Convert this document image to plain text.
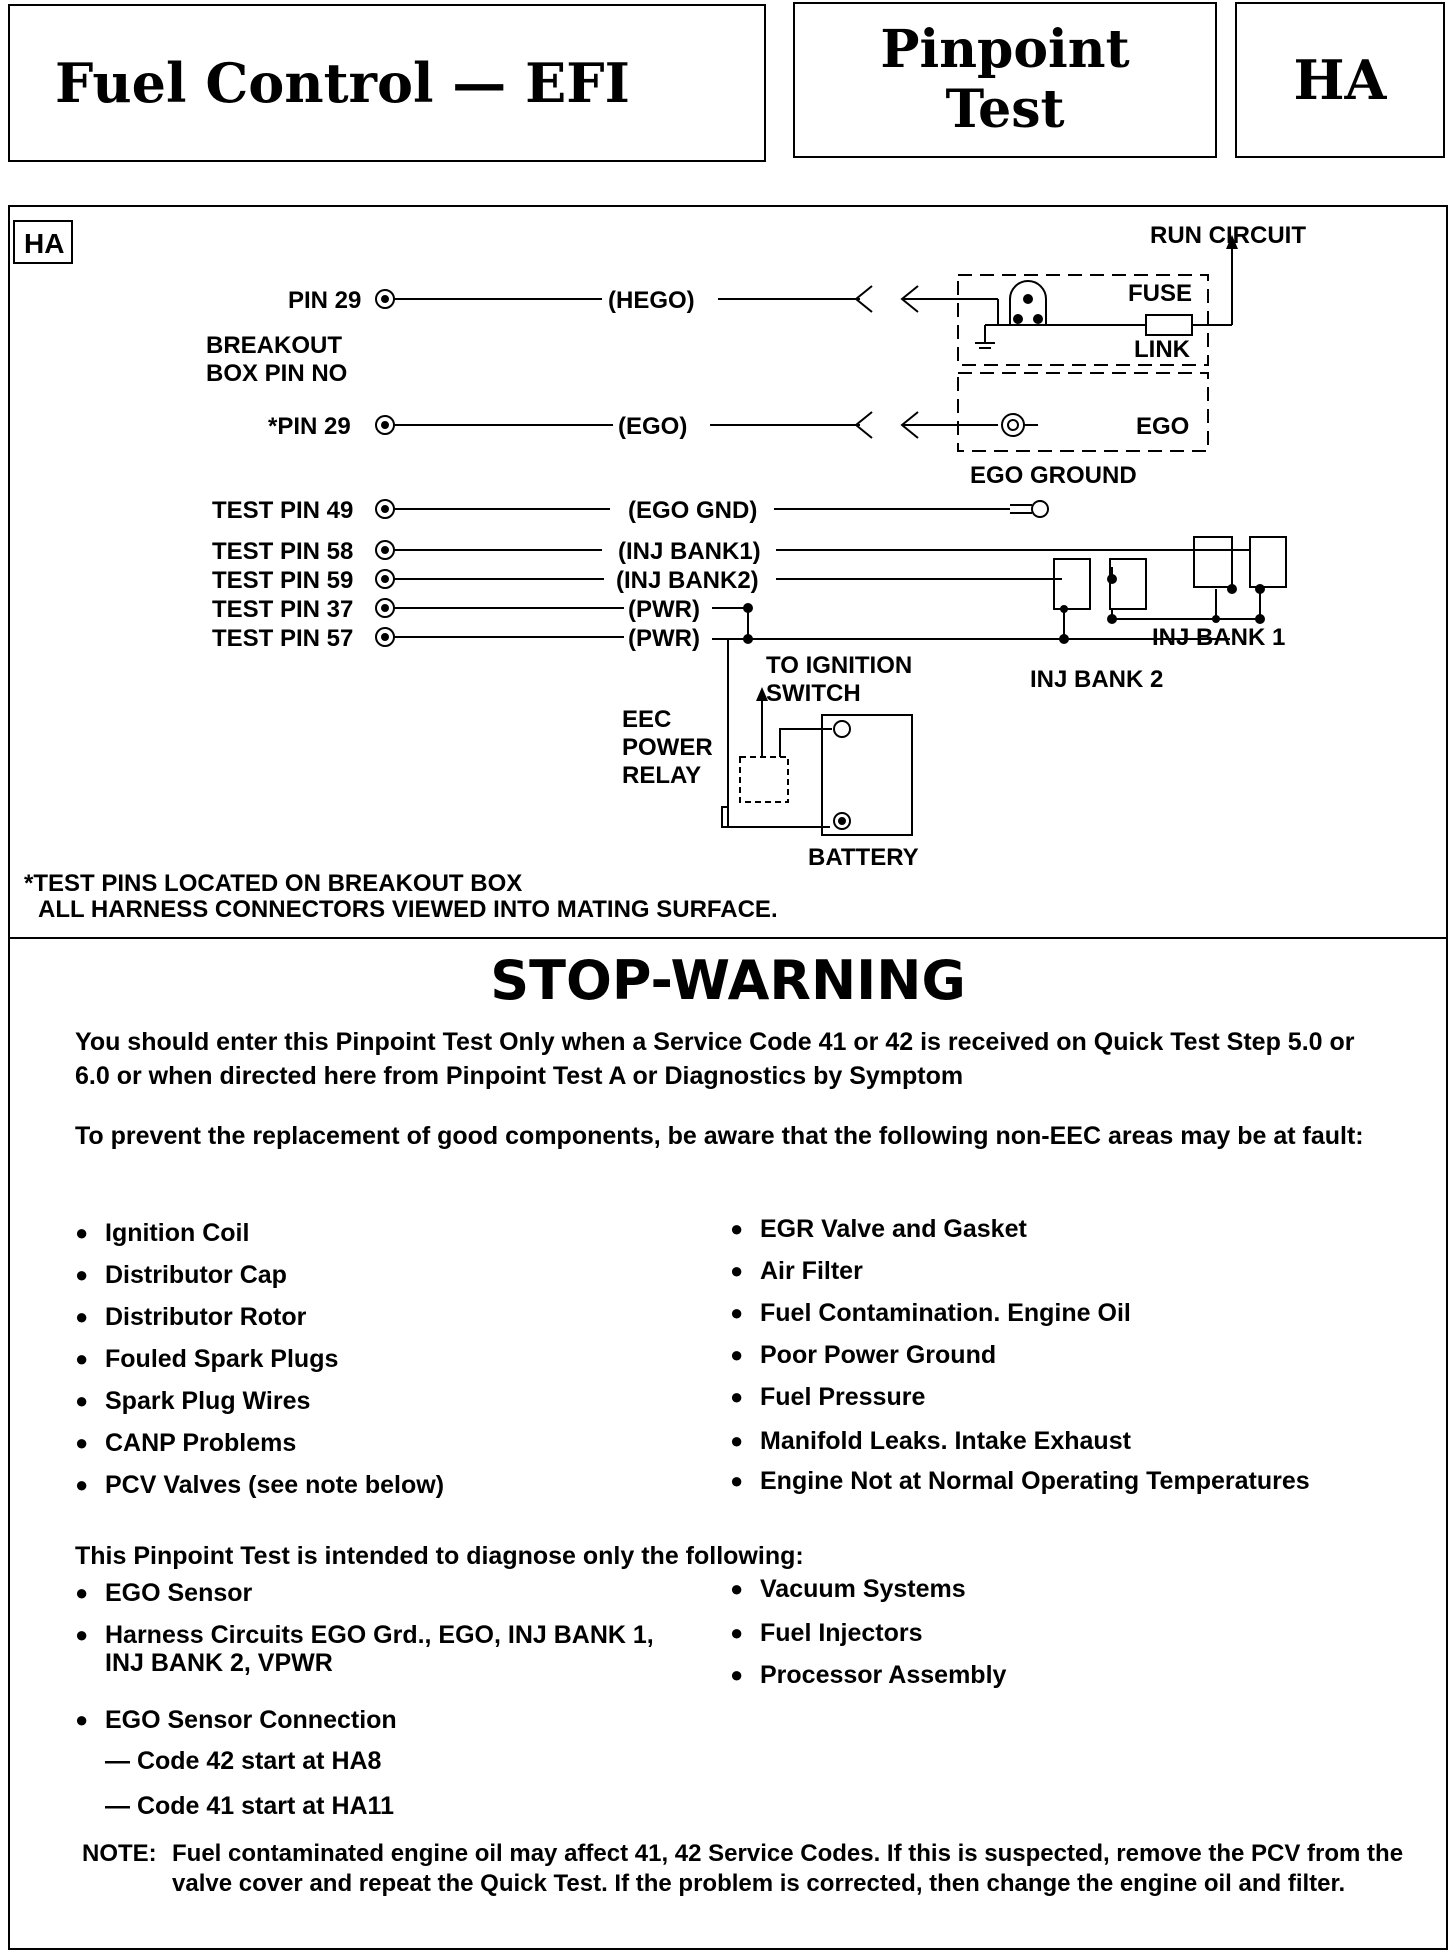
Fuel Control — EFI
Pinpoint
Test	HA
HA	RUN CIRCUIT
FUSE
LINK
PIN 29	(HEGO)
BREAKOUT
BOX PIN NO
*PIN 29	(EGO)	EGO
EGO GROUND
TEST PIN 49	(EGO GND)
TEST PIN 58	(INJ BANK1)
TEST PIN 59	(INJ BANK2)
TEST PIN 37	(PWR)
TEST PIN 57	(PWR)	INJ BANK 1
INJ BANK 2
TO IGNITION
SWITCH
EEC
POWER
RELAY
BATTERY
*TEST PINS LOCATED ON BREAKOUT BOX
ALL HARNESS CONNECTORS VIEWED INTO MATING SURFACE.
STOP-WARNING
You should enter this Pinpoint Test Only when a Service Code 41 or 42 is received on Quick Test Step 5.0 or 6.0 or when directed here from Pinpoint Test A or Diagnostics by Symptom
To prevent the replacement of good components, be aware that the following non-EEC areas may be at fault:
● Ignition Coil
● Distributor Cap
● Distributor Rotor
● Fouled Spark Plugs
● Spark Plug Wires
● CANP Problems
● PCV Valves (see note below)
● EGR Valve and Gasket
● Air Filter
● Fuel Contamination. Engine Oil
● Poor Power Ground
● Fuel Pressure
● Manifold Leaks. Intake Exhaust
● Engine Not at Normal Operating Temperatures
This Pinpoint Test is intended to diagnose only the following:
● EGO Sensor
● Harness Circuits EGO Grd., EGO, INJ BANK 1,
● EGO Sensor Connection
INJ BANK 2, VPWR
● Vacuum Systems
● Fuel Injectors
● Processor Assembly
NOTE: Fuel contaminated engine oil may affect 41, 42 Service Codes. If this is suspected, remove the PCV from the valve cover and repeat the Quick Test. If the problem is corrected, then change the engine oil and filter.
— Code 42 start at HA8
— Code 41 start at HA11
